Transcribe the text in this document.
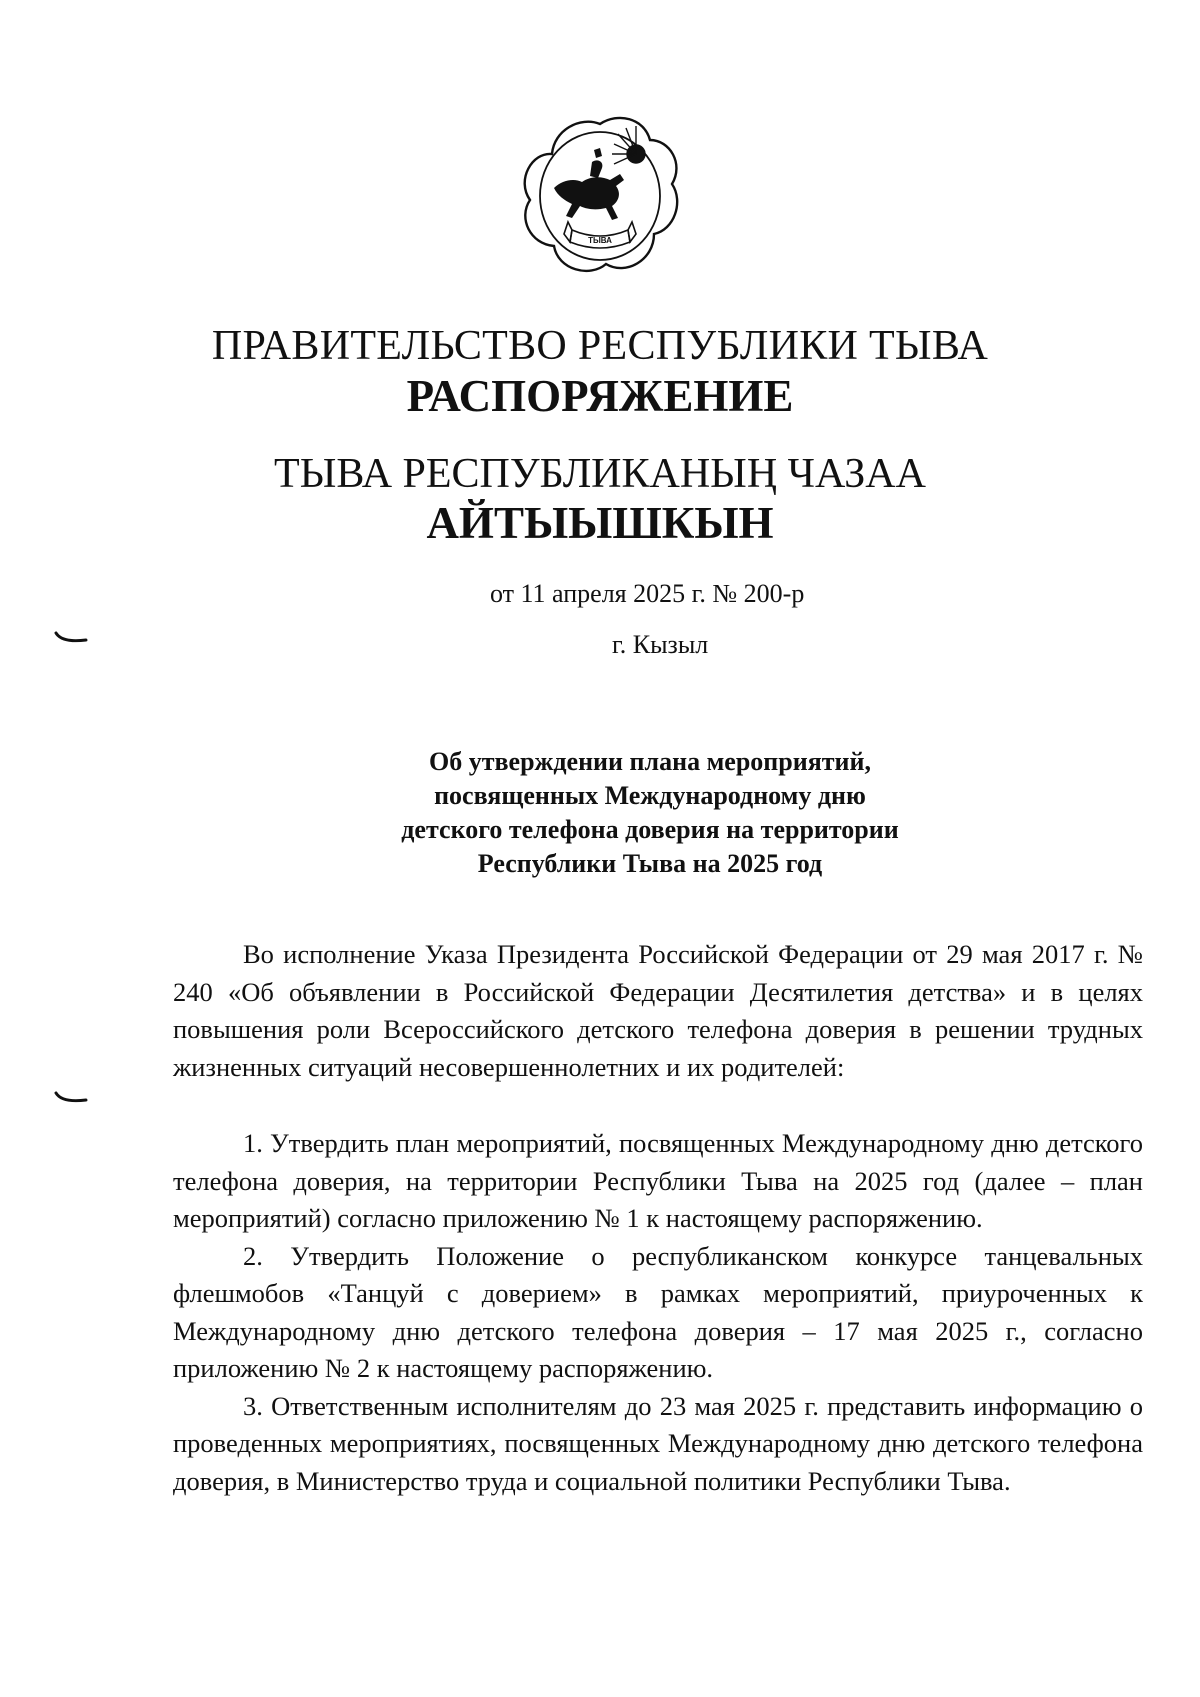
ТЫВА
ПРАВИТЕЛЬСТВО РЕСПУБЛИКИ ТЫВА
РАСПОРЯЖЕНИЕ
ТЫВА РЕСПУБЛИКАНЫҢ ЧАЗАА
АЙТЫЫШКЫН
от 11 апреля 2025 г. № 200-р
г. Кызыл
Об утверждении плана мероприятий,
посвященных Международному дню
детского телефона доверия на территории
Республики Тыва на 2025 год

Во исполнение Указа Президента Российской Федерации от 29 мая 2017 г. № 240 «Об объявлении в Российской Федерации Десятилетия детства» и в целях повышения роли Всероссийского детского телефона доверия в решении трудных жизненных ситуаций несовершеннолетних и их родителей:

1. Утвердить план мероприятий, посвященных Международному дню детского телефона доверия, на территории Республики Тыва на 2025 год (далее – план мероприятий) согласно приложению № 1 к настоящему распоряжению.

2. Утвердить Положение о республиканском конкурсе танцевальных флешмобов «Танцуй с доверием» в рамках мероприятий, приуроченных к Международному дню детского телефона доверия – 17 мая 2025 г., согласно приложению № 2 к настоящему распоряжению.

3. Ответственным исполнителям до 23 мая 2025 г. представить информацию о проведенных мероприятиях, посвященных Международному дню детского телефона доверия, в Министерство труда и социальной политики Республики Тыва.
